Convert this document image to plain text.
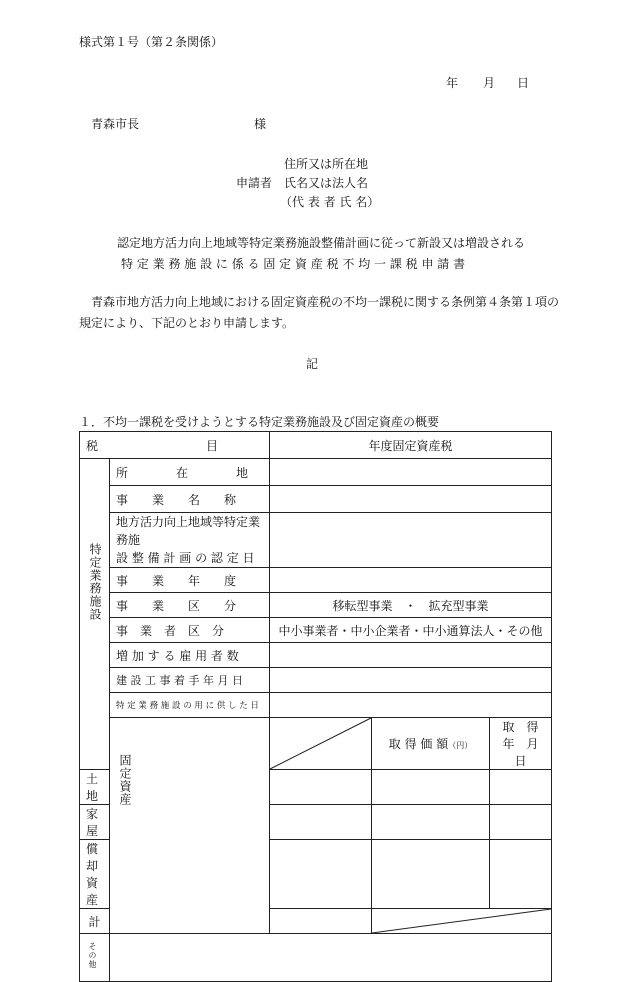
様式第１号（第２条関係）
年 月 日
青森市長	様
住所又は所在地
申請者 氏名又は法人名
（代 表 者 氏 名）
認定地方活力向上地域等特定業務施設整備計画に従って新設又は増設される
特 定 業 務 施 設 に 係 る 固 定 資 産 税 不 均 一 課 税 申 請 書
青森市地方活力向上地域における固定資産税の不均一課税に関する条例第４条第１項の
規定により、下記のとおり申請します。
記
１．不均一課税を受けようとする特定業務施設及び固定資産の概要
税　　　　　　　　　目		年度固定資産税			

特定業務施設	所　　　　在　　　　地				
	事　　業　　名　　称				

	地方活力向上地域等特定業務施
設 整 備 計 画 の 認 定 日				

	事　　業　　年　　度				
	事　　業　　区　　分	移転型事業　・　拡充型事業			
	事　業　者　区　分	中小事業者・中小企業者・中小通算法人・その他			
	増 加 す る 雇 用 者 数				
	建 設 工 事 着 手 年 月 日				
	特 定 業 務 施 設 の 用 に 供 し た 日				

	固定資産		取 得 価 額（円）	取　得　年　月　日	
土　　　　　　　　　地					
家　　　　　　　　　屋					
償　　却　　資　　産					
計		

その他					
